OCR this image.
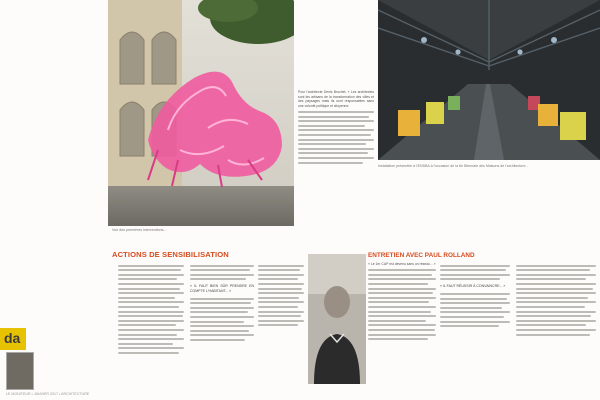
Vue des premières interventions...
Installation présentée à l'ENSBA à l'occasion de la 6e Biennale des Maisons de l'architecture...
Pour l'architecte Denis Brochet, « Les architectes sont les artisans de la transformation des villes et des paysages mais ils sont responsables sans une volonté politique et citoyenne.
ACTIONS DE SENSIBILISATION
da
« IL FAUT BIEN SÛR PRENDRE EN COMPTE L'HABITANT... »
ENTRETIEN AVEC PAUL ROLLAND
« Le 1er CAP est devenu sans un réseau... »
« IL FAUT RÉUSSIR À CONVAINCRE... »
LE MONITEUR • JANVIER 2017 • ARCHITECTURE
